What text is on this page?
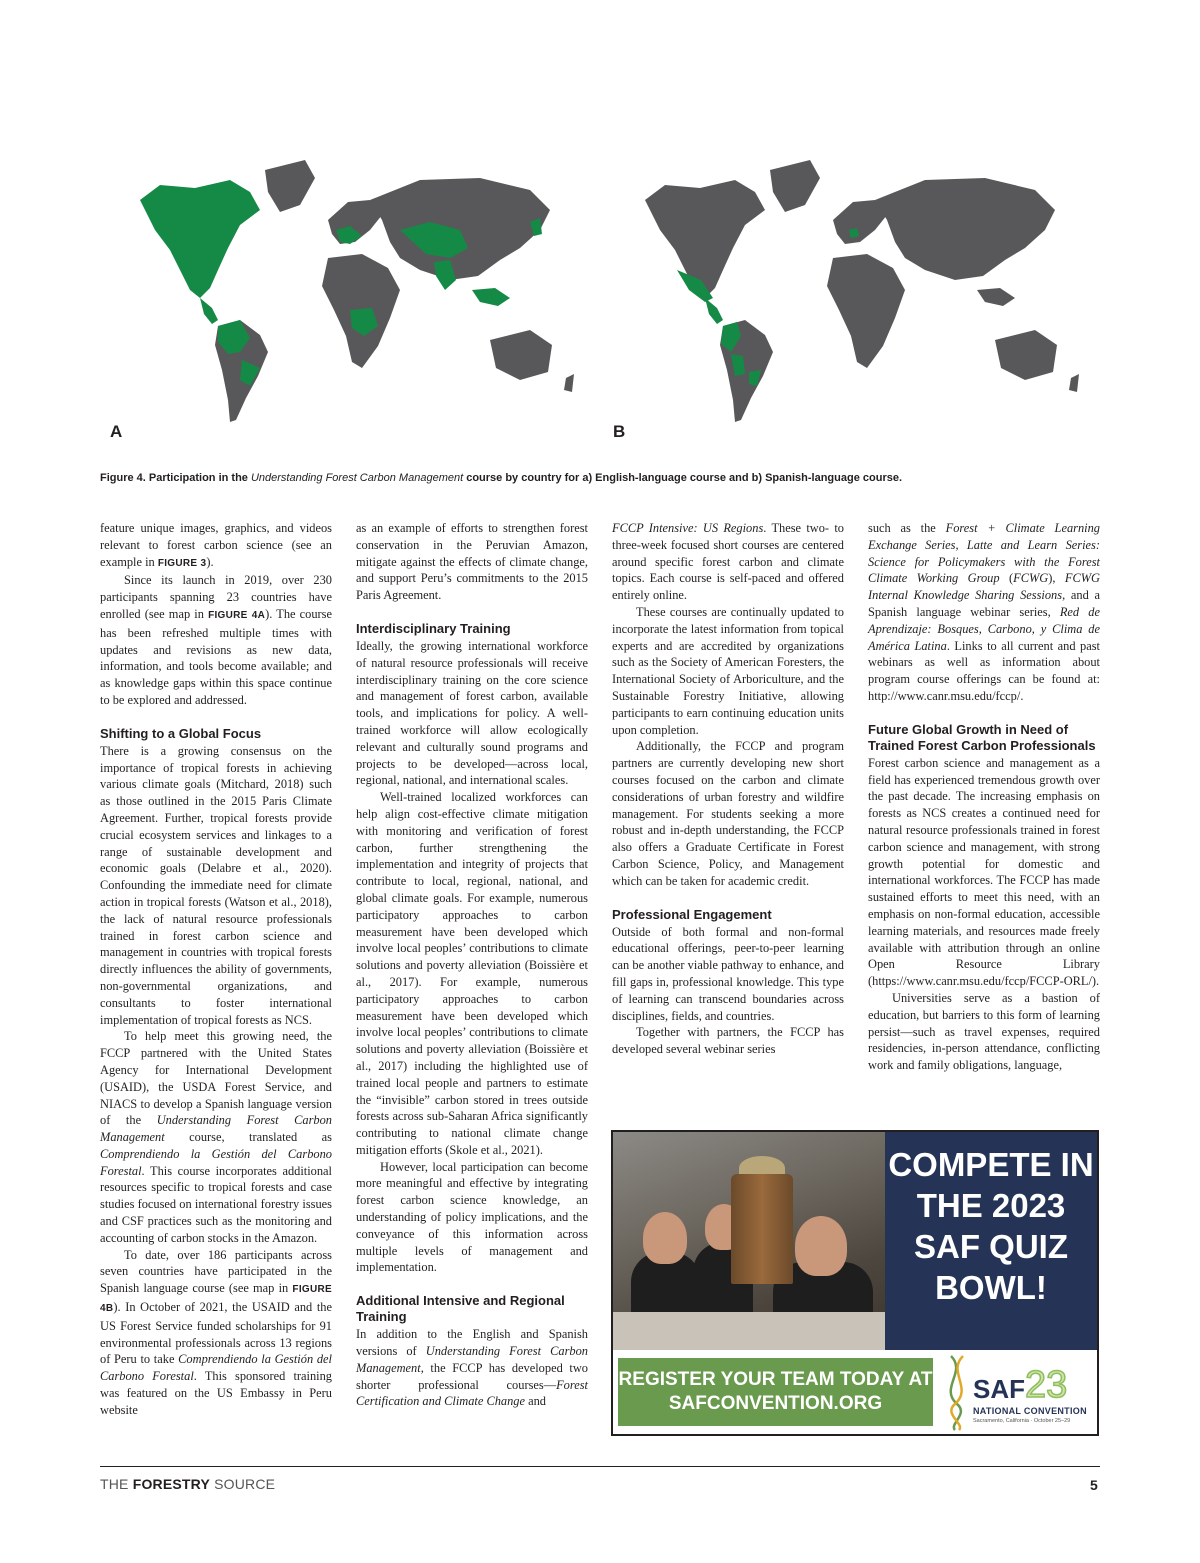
A	B
Figure 4. Participation in the Understanding Forest Carbon Management course by country for a) English-language course and b) Spanish-language course.

feature unique images, graphics, and videos relevant to forest carbon science (see an example in FIGURE 3).

Since its launch in 2019, over 230 participants spanning 23 countries have enrolled (see map in FIGURE 4A). The course has been refreshed multiple times with updates and revisions as new data, information, and tools become available; and as knowledge gaps within this space continue to be explored and addressed.

Shifting to a Global Focus

There is a growing consensus on the importance of tropical forests in achieving various climate goals (Mitchard, 2018) such as those outlined in the 2015 Paris Climate Agreement. Further, tropical forests provide crucial ecosystem services and linkages to a range of sustainable development and economic goals (Delabre et al., 2020). Confounding the immediate need for climate action in tropical forests (Watson et al., 2018), the lack of natural resource professionals trained in forest carbon science and management in countries with tropical forests directly influences the ability of governments, non-governmental organizations, and consultants to foster international implementation of tropical forests as NCS.

To help meet this growing need, the FCCP partnered with the United States Agency for International Development (USAID), the USDA Forest Service, and NIACS to develop a Spanish language version of the Understanding Forest Carbon Management course, translated as Comprendiendo la Gestión del Carbono Forestal. This course incorporates additional resources specific to tropical forests and case studies focused on international forestry issues and CSF practices such as the monitoring and accounting of carbon stocks in the Amazon.

To date, over 186 participants across seven countries have participated in the Spanish language course (see map in FIGURE 4B). In October of 2021, the USAID and the US Forest Service funded scholarships for 91 environmental professionals across 13 regions of Peru to take Comprendiendo la Gestión del Carbono Forestal. This sponsored training was featured on the US Embassy in Peru website

as an example of efforts to strengthen forest conservation in the Peruvian Amazon, mitigate against the effects of climate change, and support Peru’s commitments to the 2015 Paris Agreement.

Interdisciplinary Training

Ideally, the growing international workforce of natural resource professionals will receive interdisciplinary training on the core science and management of forest carbon, available tools, and implications for policy. A well-trained workforce will allow ecologically relevant and culturally sound programs and projects to be developed—across local, regional, national, and international scales.

Well-trained localized workforces can help align cost-effective climate mitigation with monitoring and verification of forest carbon, further strengthening the implementation and integrity of projects that contribute to local, regional, national, and global climate goals. For example, numerous participatory approaches to carbon measurement have been developed which involve local peoples’ contributions to climate solutions and poverty alleviation (Boissière et al., 2017). For example, numerous participatory approaches to carbon measurement have been developed which involve local peoples’ contributions to climate solutions and poverty alleviation (Boissière et al., 2017) including the highlighted use of trained local people and partners to estimate the “invisible” carbon stored in trees outside forests across sub-Saharan Africa significantly contributing to national climate change mitigation efforts (Skole et al., 2021).

However, local participation can become more meaningful and effective by integrating forest carbon science knowledge, an understanding of policy implications, and the conveyance of this information across multiple levels of management and implementation.

Additional Intensive and Regional Training

In addition to the English and Spanish versions of Understanding Forest Carbon Management, the FCCP has developed two shorter professional courses—Forest Certification and Climate Change and

FCCP Intensive: US Regions. These two- to three-week focused short courses are centered around specific forest carbon and climate topics. Each course is self-paced and offered entirely online.

These courses are continually updated to incorporate the latest information from topical experts and are accredited by organizations such as the Society of American Foresters, the International Society of Arboriculture, and the Sustainable Forestry Initiative, allowing participants to earn continuing education units upon completion.

Additionally, the FCCP and program partners are currently developing new short courses focused on the carbon and climate considerations of urban forestry and wildfire management. For students seeking a more robust and in-depth understanding, the FCCP also offers a Graduate Certificate in Forest Carbon Science, Policy, and Management which can be taken for academic credit.

Professional Engagement

Outside of both formal and non-formal educational offerings, peer-to-peer learning can be another viable pathway to enhance, and fill gaps in, professional knowledge. This type of learning can transcend boundaries across disciplines, fields, and countries.

Together with partners, the FCCP has developed several webinar series

such as the Forest + Climate Learning Exchange Series, Latte and Learn Series: Science for Policymakers with the Forest Climate Working Group (FCWG), FCWG Internal Knowledge Sharing Sessions, and a Spanish language webinar series, Red de Aprendizaje: Bosques, Carbono, y Clima de América Latina. Links to all current and past webinars as well as information about program course offerings can be found at: http://www.canr.msu.edu/fccp/.

Future Global Growth in Need of Trained Forest Carbon Professionals

Forest carbon science and management as a field has experienced tremendous growth over the past decade. The increasing emphasis on forests as NCS creates a continued need for natural resource professionals trained in forest carbon science and management, with strong growth potential for domestic and international workforces. The FCCP has made sustained efforts to meet this need, with an emphasis on non-formal education, accessible learning materials, and resources made freely available with attribution through an online Open Resource Library (https://www.canr.msu.edu/fccp/FCCP-ORL/).

Universities serve as a bastion of education, but barriers to this form of learning persist—such as travel expenses, required residencies, in-person attendance, conflicting work and family obligations, language,

COMPETE IN THE 2023 SAF QUIZ BOWL!
REGISTER YOUR TEAM TODAY AT SAFCONVENTION.ORG	SAF 23
NATIONAL CONVENTION
Sacramento, California · October 25–29
THE FORESTRY SOURCE	5
